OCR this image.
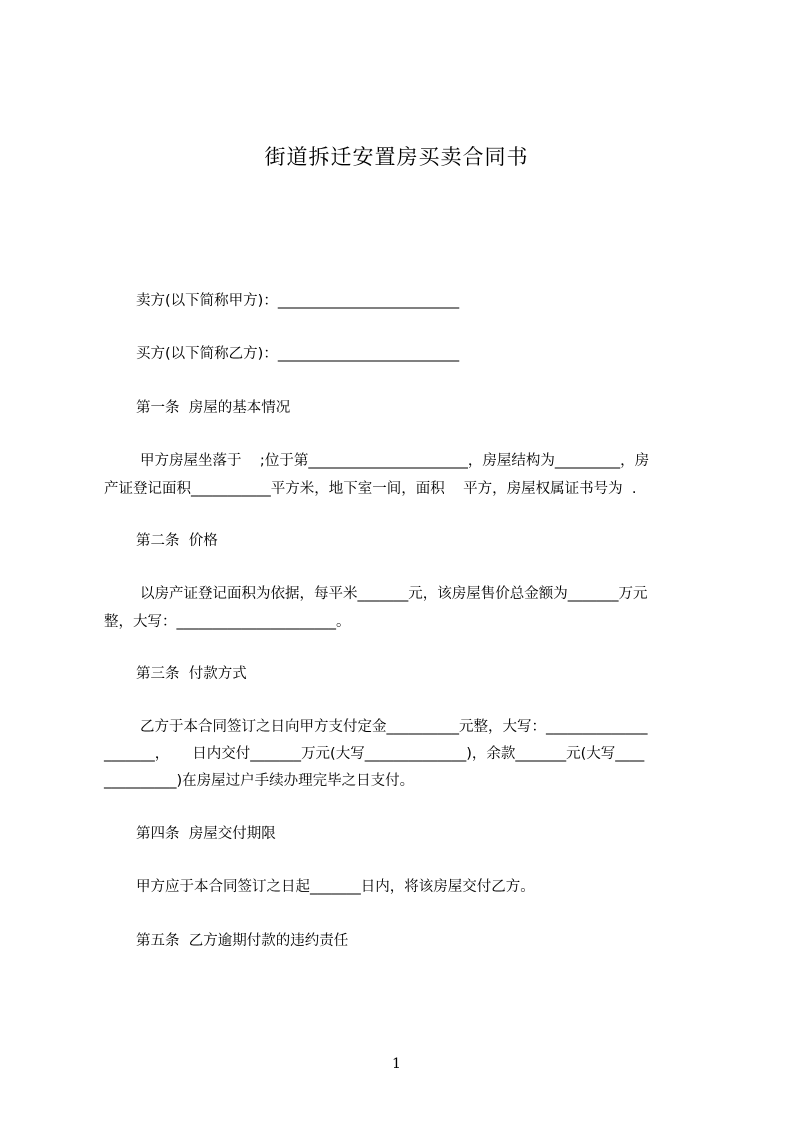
街道拆迁安置房买卖合同书
卖方(以下简称甲方)：_________________________
买方(以下简称乙方)：_________________________
第一条  房屋的基本情况
甲方房屋坐落于    ;位于第______________________，房屋结构为_________，房
产证登记面积___________平方米，地下室一间，面积    平方，房屋权属证书号为  .
第二条  价格
以房产证登记面积为依据，每平米_______元，该房屋售价总金额为_______万元
整，大写：______________________。
第三条  付款方式
乙方于本合同签订之日向甲方支付定金__________元整，大写：______________
_______，     日内交付_______万元(大写______________)，余款_______元(大写____
__________)在房屋过户手续办理完毕之日支付。
第四条  房屋交付期限
甲方应于本合同签订之日起_______日内，将该房屋交付乙方。
第五条  乙方逾期付款的违约责任
1
